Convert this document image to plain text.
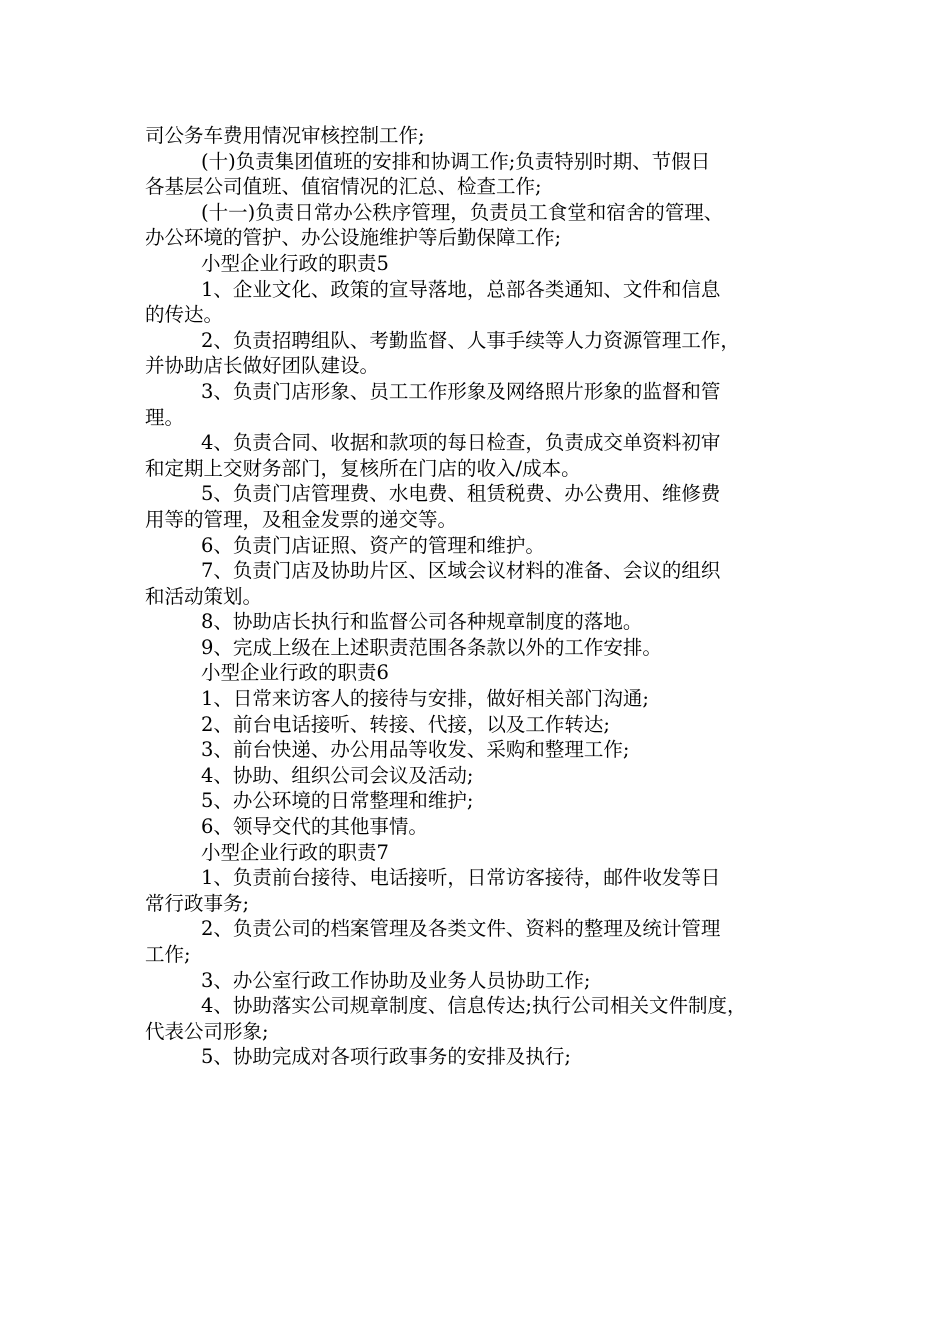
司公务车费用情况审核控制工作;
(十)负责集团值班的安排和协调工作;负责特别时期、节假日
各基层公司值班、值宿情况的汇总、检查工作;
(十一)负责日常办公秩序管理，负责员工食堂和宿舍的管理、
办公环境的管护、办公设施维护等后勤保障工作;
小型企业行政的职责5
1、企业文化、政策的宣导落地，总部各类通知、文件和信息
的传达。
2、负责招聘组队、考勤监督、人事手续等人力资源管理工作，
并协助店长做好团队建设。
3、负责门店形象、员工工作形象及网络照片形象的监督和管
理。
4、负责合同、收据和款项的每日检查，负责成交单资料初审
和定期上交财务部门，复核所在门店的收入/成本。
5、负责门店管理费、水电费、租赁税费、办公费用、维修费
用等的管理，及租金发票的递交等。
6、负责门店证照、资产的管理和维护。
7、负责门店及协助片区、区域会议材料的准备、会议的组织
和活动策划。
8、协助店长执行和监督公司各种规章制度的落地。
9、完成上级在上述职责范围各条款以外的工作安排。
小型企业行政的职责6
1、日常来访客人的接待与安排，做好相关部门沟通;
2、前台电话接听、转接、代接，以及工作转达;
3、前台快递、办公用品等收发、采购和整理工作;
4、协助、组织公司会议及活动;
5、办公环境的日常整理和维护;
6、领导交代的其他事情。
小型企业行政的职责7
1、负责前台接待、电话接听，日常访客接待，邮件收发等日
常行政事务;
2、负责公司的档案管理及各类文件、资料的整理及统计管理
工作;
3、办公室行政工作协助及业务人员协助工作;
4、协助落实公司规章制度、信息传达;执行公司相关文件制度，
代表公司形象;
5、协助完成对各项行政事务的安排及执行;
